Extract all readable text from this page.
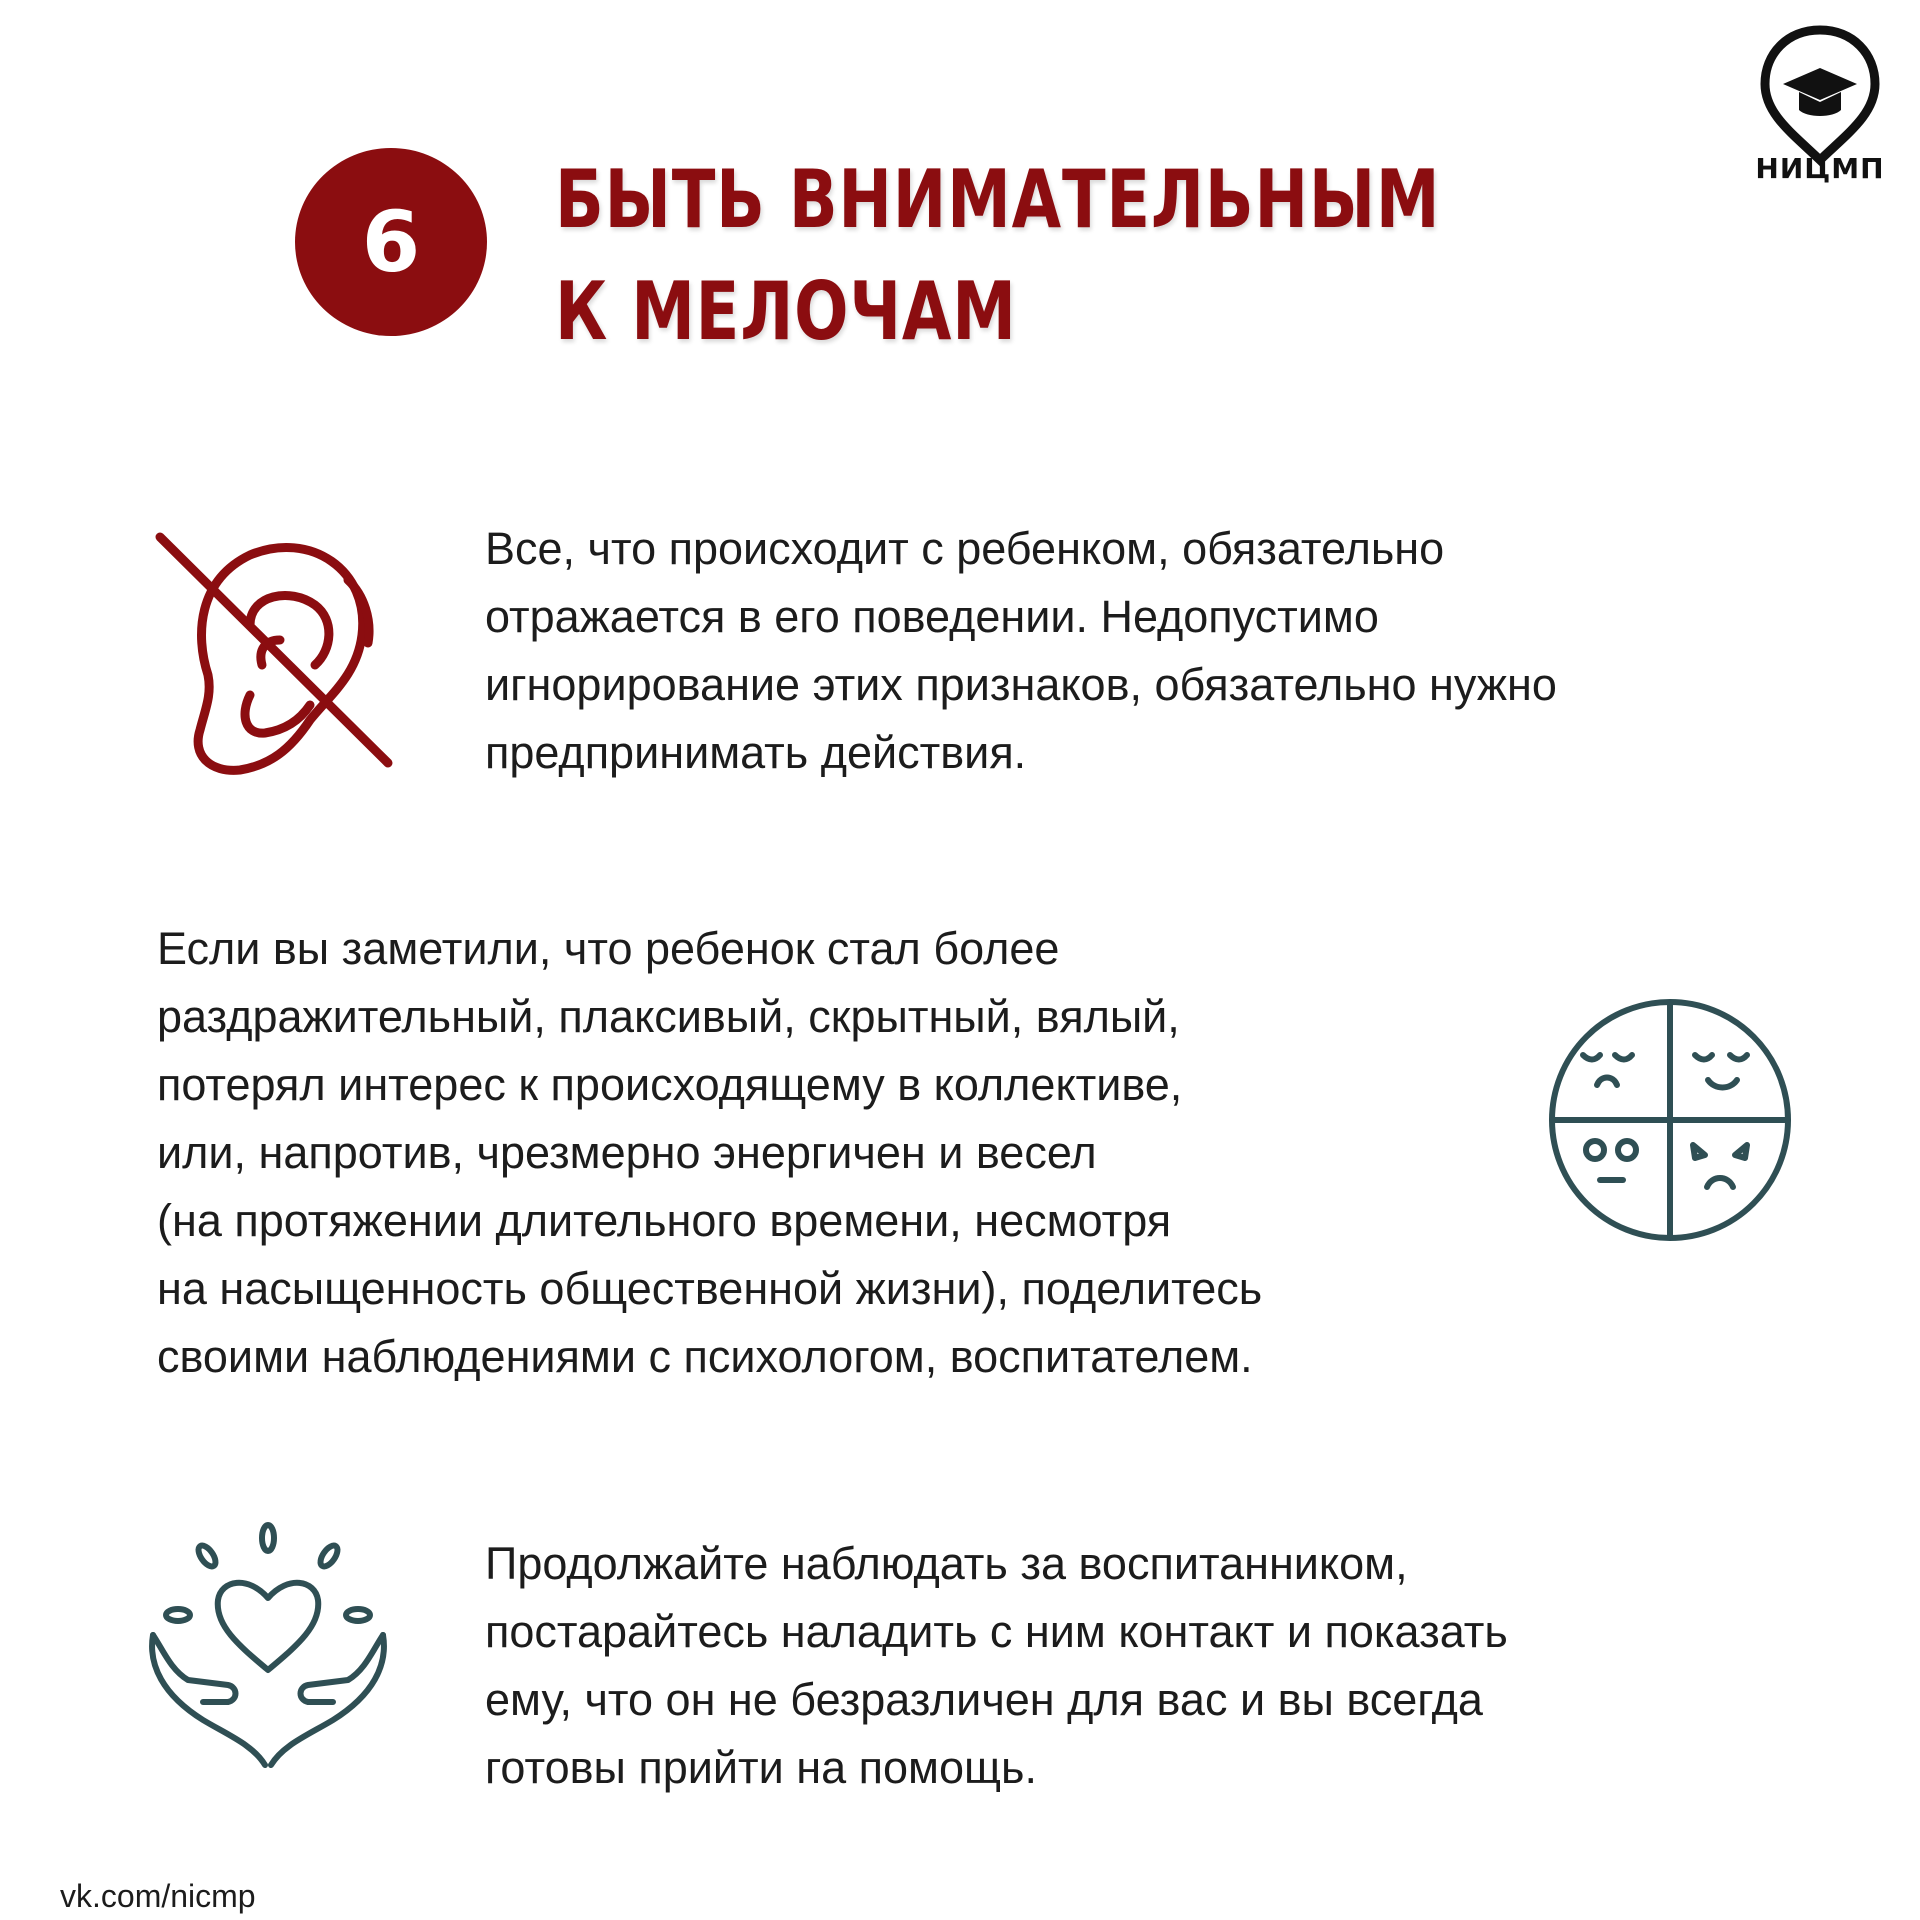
6 БЫТЬ ВНИМАТЕЛЬНЫМ
К МЕЛОЧАМ
НИЦМП

Все, что происходит с ребенком, обязательно
отражается в его поведении. Недопустимо
игнорирование этих признаков, обязательно нужно
предпринимать действия.

Если вы заметили, что ребенок стал более
раздражительный, плаксивый, скрытный, вялый,
потерял интерес к происходящему в коллективе,
или, напротив, чрезмерно энергичен и весел
(на протяжении длительного времени, несмотря
на насыщенность общественной жизни), поделитесь
своими наблюдениями с психологом, воспитателем.

Продолжайте наблюдать за воспитанником,
постарайтесь наладить с ним контакт и показать
ему, что он не безразличен для вас и вы всегда
готовы прийти на помощь.

vk.com/nicmp
